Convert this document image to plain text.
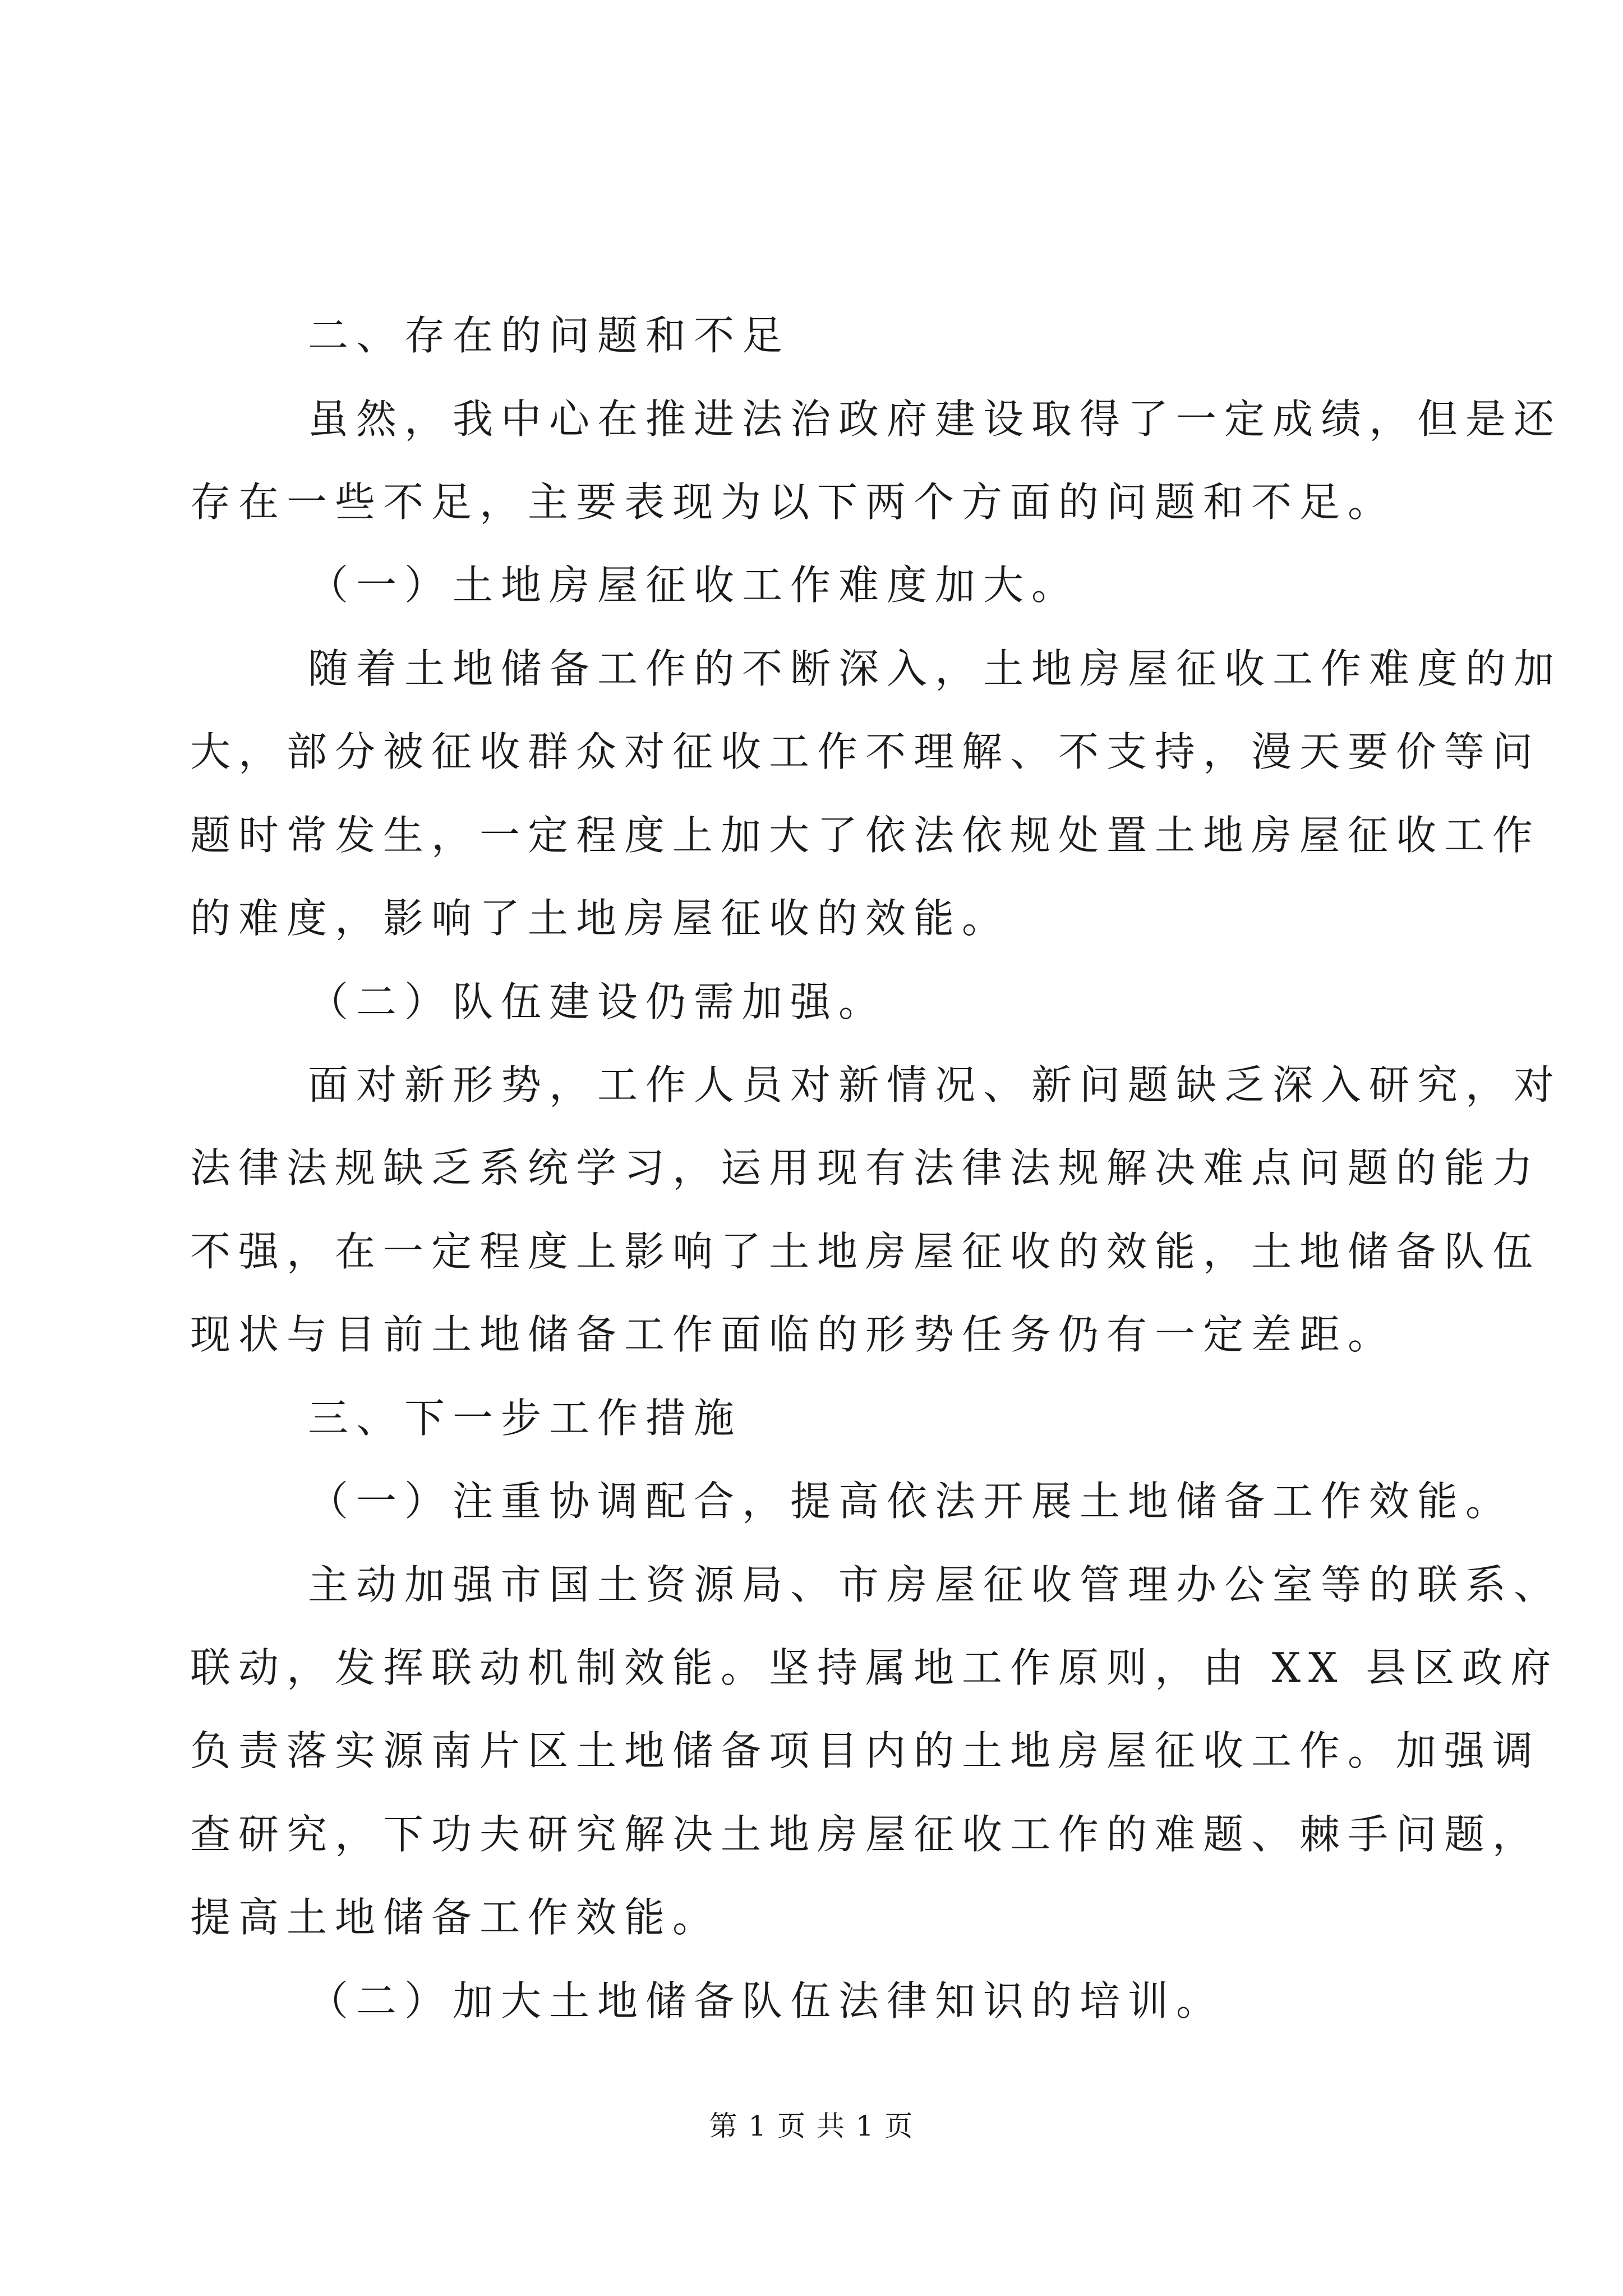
二、存在的问题和不足
虽然，我中心在推进法治政府建设取得了一定成绩，但是还
存在一些不足，主要表现为以下两个方面的问题和不足。
（一）土地房屋征收工作难度加大。
随着土地储备工作的不断深入，土地房屋征收工作难度的加
大，部分被征收群众对征收工作不理解、不支持，漫天要价等问
题时常发生，一定程度上加大了依法依规处置土地房屋征收工作
的难度，影响了土地房屋征收的效能。
（二）队伍建设仍需加强。
面对新形势，工作人员对新情况、新问题缺乏深入研究，对
法律法规缺乏系统学习，运用现有法律法规解决难点问题的能力
不强，在一定程度上影响了土地房屋征收的效能，土地储备队伍
现状与目前土地储备工作面临的形势任务仍有一定差距。
三、下一步工作措施
（一）注重协调配合，提高依法开展土地储备工作效能。
主动加强市国土资源局、市房屋征收管理办公室等的联系、
联动，发挥联动机制效能。坚持属地工作原则，由 XX 县区政府
负责落实源南片区土地储备项目内的土地房屋征收工作。加强调
查研究，下功夫研究解决土地房屋征收工作的难题、棘手问题，
提高土地储备工作效能。
（二）加大土地储备队伍法律知识的培训。
第 1 页 共 1 页
